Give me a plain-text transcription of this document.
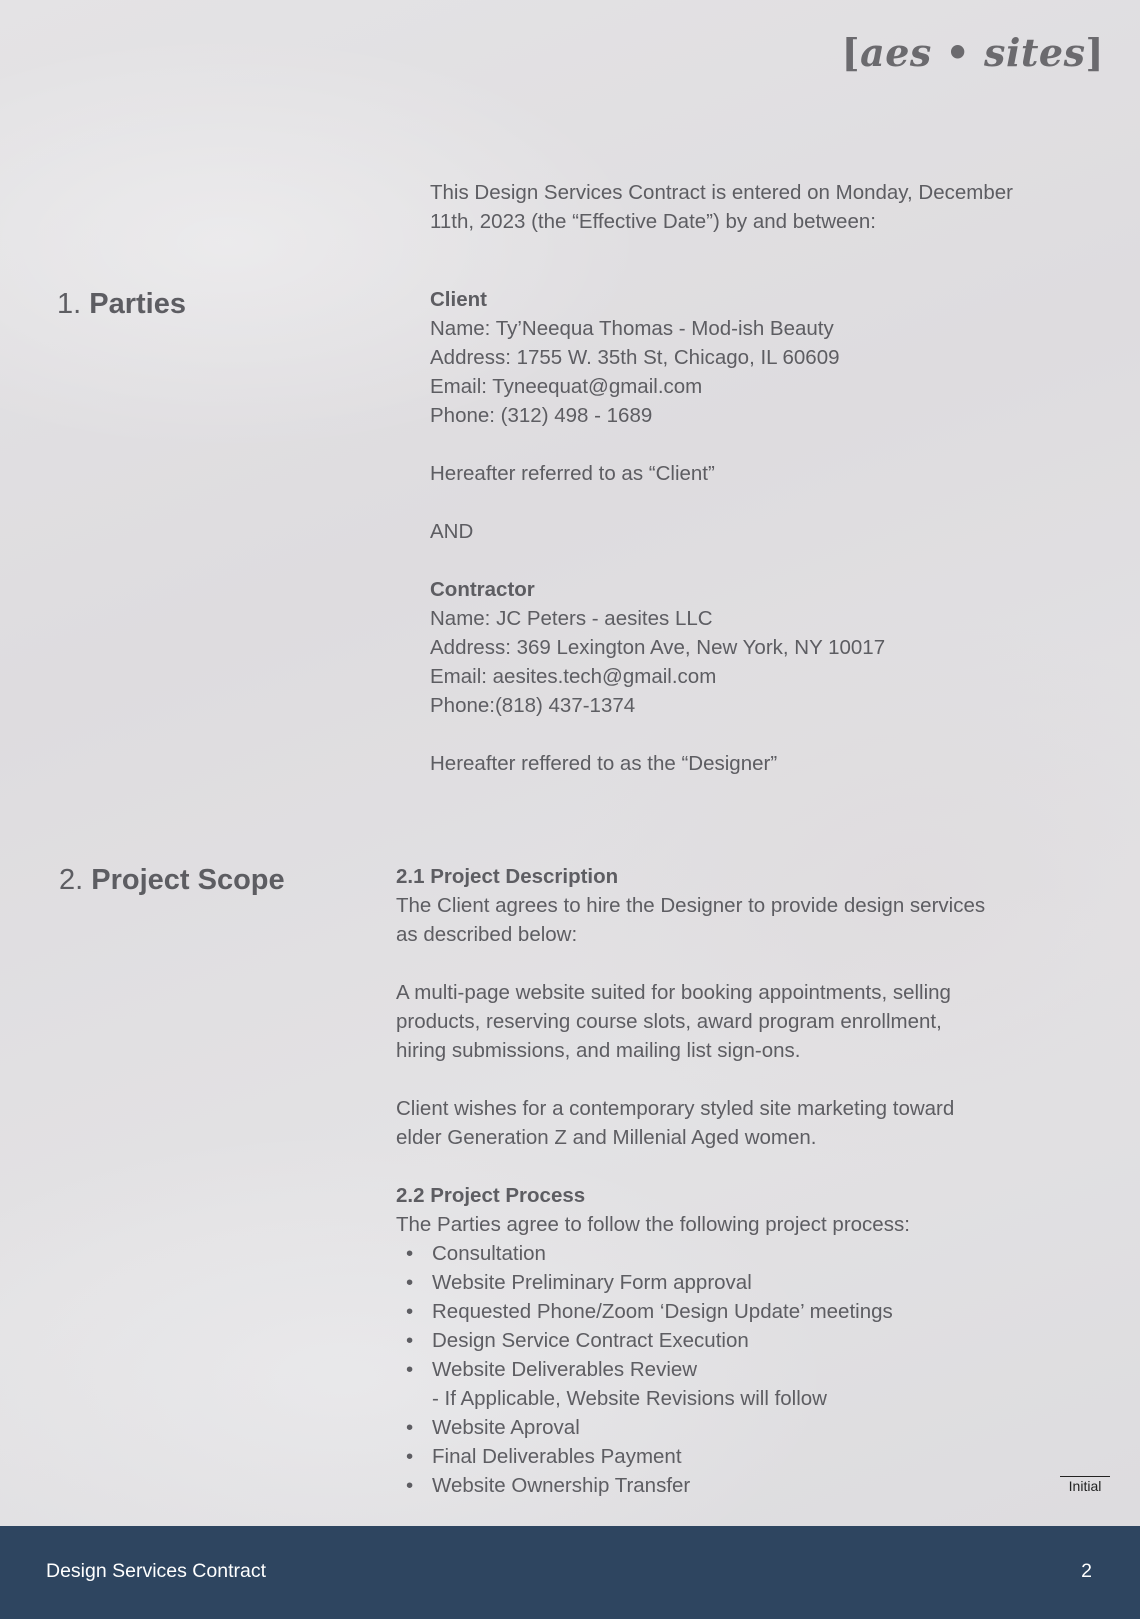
[aes • sites]

This Design Services Contract is entered on Monday, December

11th, 2023 (the “Effective Date”) by and between:

1. Parties	Client

Name: Ty’Neequa Thomas - Mod-ish Beauty

Address: 1755 W. 35th St, Chicago, IL 60609

Email: Tyneequat@gmail.com

Phone: (312) 498 - 1689

Hereafter referred to as “Client”

AND

Contractor

Name: JC Peters - aesites LLC

Address: 369 Lexington Ave, New York, NY 10017

Email: aesites.tech@gmail.com

Phone:(818) 437-1374

Hereafter reffered to as the “Designer”

2. Project Scope	2.1 Project Description

The Client agrees to hire the Designer to provide design services

as described below:

A multi-page website suited for booking appointments, selling

products, reserving course slots, award program enrollment,

hiring submissions, and mailing list sign-ons.

Client wishes for a contemporary styled site marketing toward

elder Generation Z and Millenial Aged women.

2.2 Project Process

The Parties agree to follow the following project process:

• Consultation
• Website Preliminary Form approval
• Requested Phone/Zoom ‘Design Update’ meetings
• Design Service Contract Execution
• Website Deliverables Review
- If Applicable, Website Revisions will follow
• Website Aproval
• Final Deliverables Payment
• Website Ownership Transfer	Initial
Design Services Contract	2
